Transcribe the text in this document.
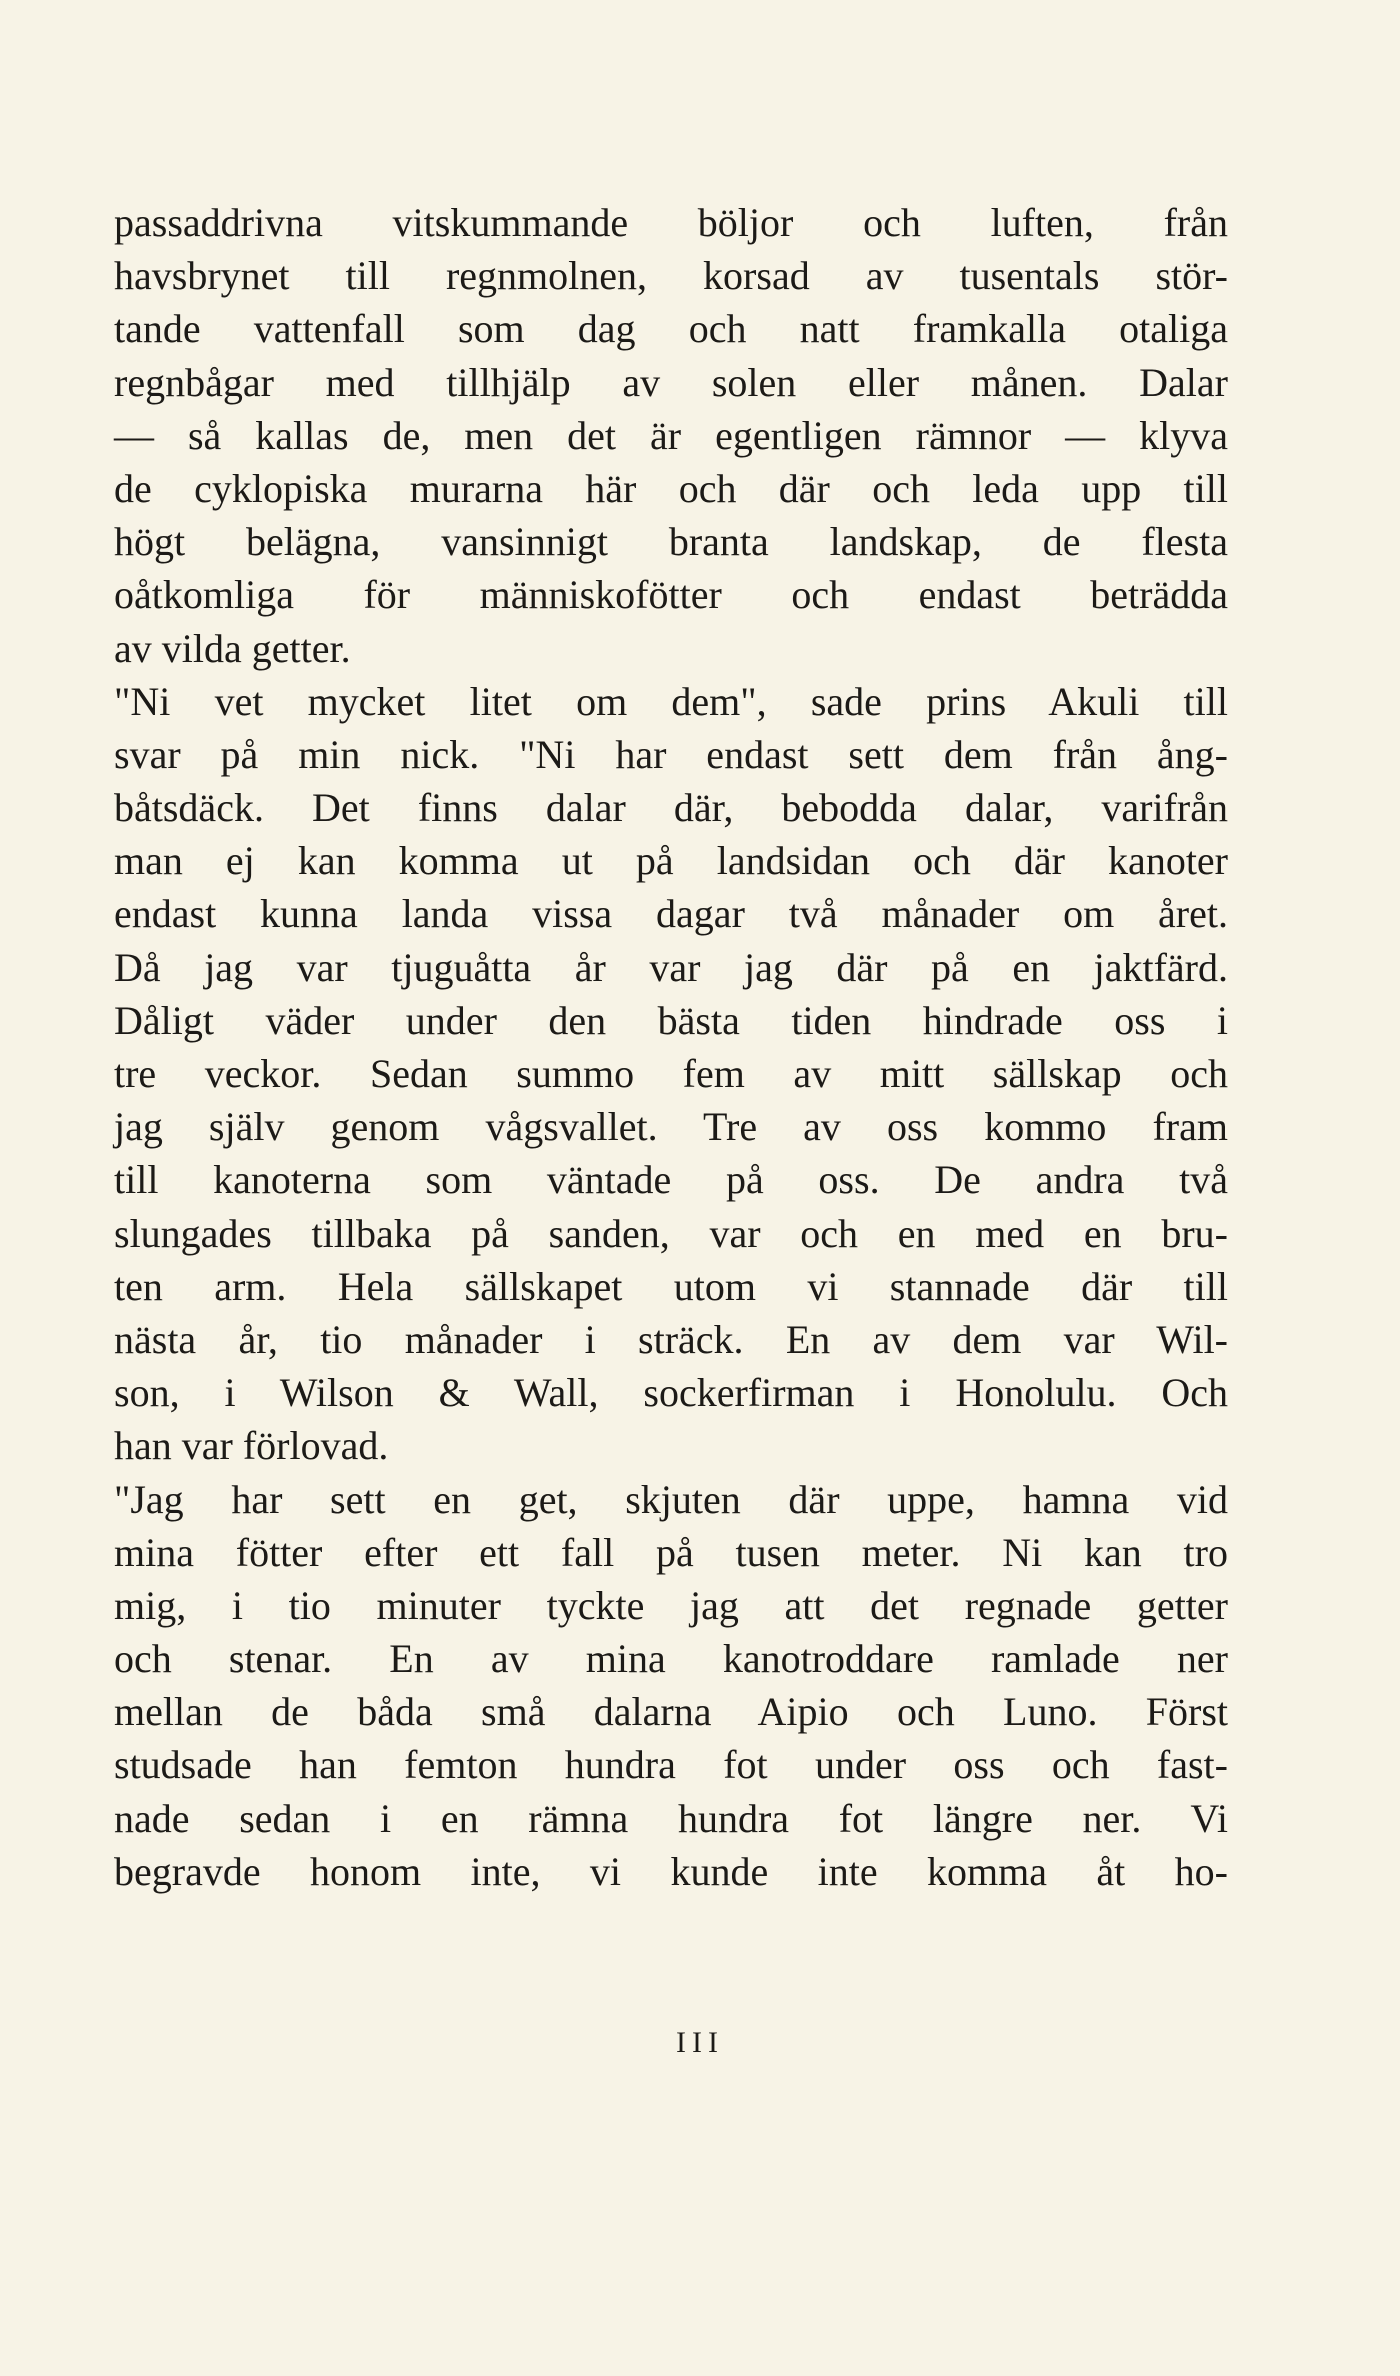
passaddrivna vitskummande böljor och luften, från
havsbrynet till regnmolnen, korsad av tusentals stör-
tande vattenfall som dag och natt framkalla otaliga
regnbågar med tillhjälp av solen eller månen. Dalar
— så kallas de, men det är egentligen rämnor — klyva
de cyklopiska murarna här och där och leda upp till
högt belägna, vansinnigt branta landskap, de flesta
oåtkomliga för människofötter och endast beträdda
av vilda getter.
"Ni vet mycket litet om dem", sade prins Akuli till
svar på min nick. "Ni har endast sett dem från ång-
båtsdäck. Det finns dalar där, bebodda dalar, varifrån
man ej kan komma ut på landsidan och där kanoter
endast kunna landa vissa dagar två månader om året.
Då jag var tjuguåtta år var jag där på en jaktfärd.
Dåligt väder under den bästa tiden hindrade oss i
tre veckor. Sedan summo fem av mitt sällskap och
jag själv genom vågsvallet. Tre av oss kommo fram
till kanoterna som väntade på oss. De andra två
slungades tillbaka på sanden, var och en med en bru-
ten arm. Hela sällskapet utom vi stannade där till
nästa år, tio månader i sträck. En av dem var Wil-
son, i Wilson & Wall, sockerfirman i Honolulu. Och
han var förlovad.
"Jag har sett en get, skjuten där uppe, hamna vid
mina fötter efter ett fall på tusen meter. Ni kan tro
mig, i tio minuter tyckte jag att det regnade getter
och stenar. En av mina kanotroddare ramlade ner
mellan de båda små dalarna Aipio och Luno. Först
studsade han femton hundra fot under oss och fast-
nade sedan i en rämna hundra fot längre ner. Vi
begravde honom inte, vi kunde inte komma åt ho-
III
